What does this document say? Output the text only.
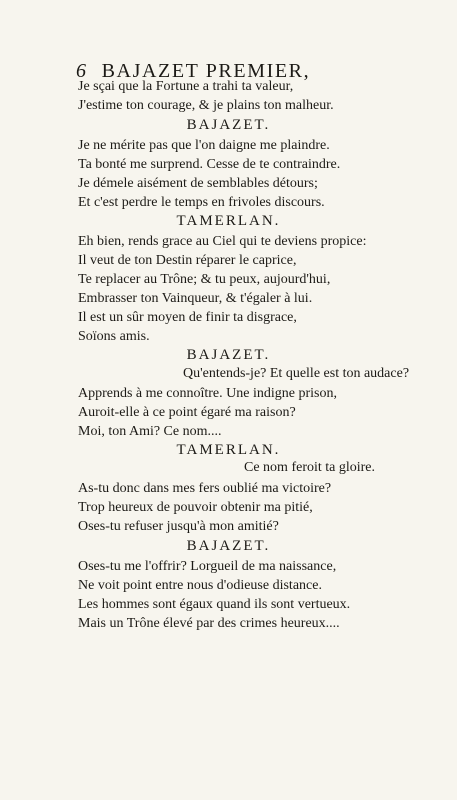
6 BAJAZET PREMIER,
Je sçai que la Fortune a trahi ta valeur,
J'estime ton courage, & je plains ton malheur.
BAJAZET.
Je ne mérite pas que l'on daigne me plaindre.
Ta bonté me surprend. Cesse de te contraindre.
Je démele aisément de semblables détours;
Et c'est perdre le temps en frivoles discours.
TAMERLAN.
Eh bien, rends grace au Ciel qui te deviens propice:
Il veut de ton Destin réparer le caprice,
Te replacer au Trône; & tu peux, aujourd'hui,
Embrasser ton Vainqueur, & t'égaler à lui.
Il est un sûr moyen de finir ta disgrace,
Soïons amis.
BAJAZET.
Qu'entends-je? Et quelle est ton audace?
Apprends à me connoître. Une indigne prison,
Auroit-elle à ce point égaré ma raison?
Moi, ton Ami? Ce nom....
TAMERLAN.
Ce nom feroit ta gloire.
As-tu donc dans mes fers oublié ma victoire?
Trop heureux de pouvoir obtenir ma pitié,
Oses-tu refuser jusqu'à mon amitié?
BAJAZET.
Oses-tu me l'offrir? Lorgueil de ma naissance,
Ne voit point entre nous d'odieuse distance.
Les hommes sont égaux quand ils sont vertueux.
Mais un Trône élevé par des crimes heureux....
